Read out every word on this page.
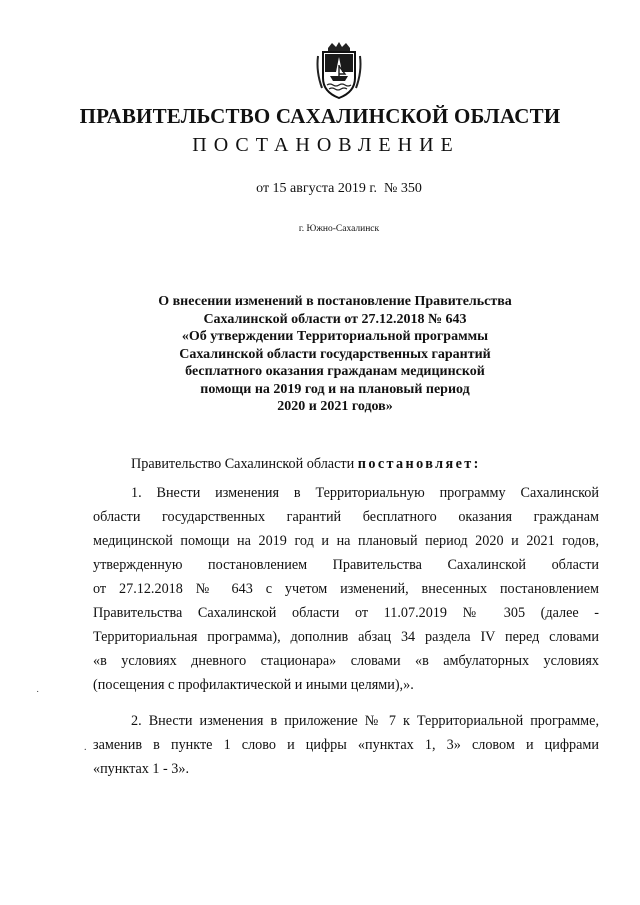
ПРАВИТЕЛЬСТВО САХАЛИНСКОЙ ОБЛАСТИ
ПОСТАНОВЛЕНИЕ
от 15 августа 2019 г.  № 350
г. Южно-Сахалинск
О внесении изменений в постановление Правительства
Сахалинской области от 27.12.2018 № 643
«Об утверждении Территориальной программы
Сахалинской области государственных гарантий
бесплатного оказания гражданам медицинской
помощи на 2019 год и на плановый период
2020 и 2021 годов»
Правительство Сахалинской области постановляет:
1. Внести изменения в Территориальную программу Сахалинской
области государственных гарантий бесплатного оказания гражданам
медицинской помощи на 2019 год и на плановый период 2020 и 2021 годов,
утвержденную постановлением Правительства Сахалинской области
от 27.12.2018 № 643 с учетом изменений, внесенных постановлением
Правительства Сахалинской области от 11.07.2019 № 305 (далее -
Территориальная программа), дополнив абзац 34 раздела IV перед словами
«в условиях дневного стационара» словами «в амбулаторных условиях
(посещения с профилактической и иными целями),».
2. Внести изменения в приложение № 7 к Территориальной программе,
заменив в пункте 1 слово и цифры «пунктах 1, 3» словом и цифрами
«пунктах 1 - 3».
˙
.
